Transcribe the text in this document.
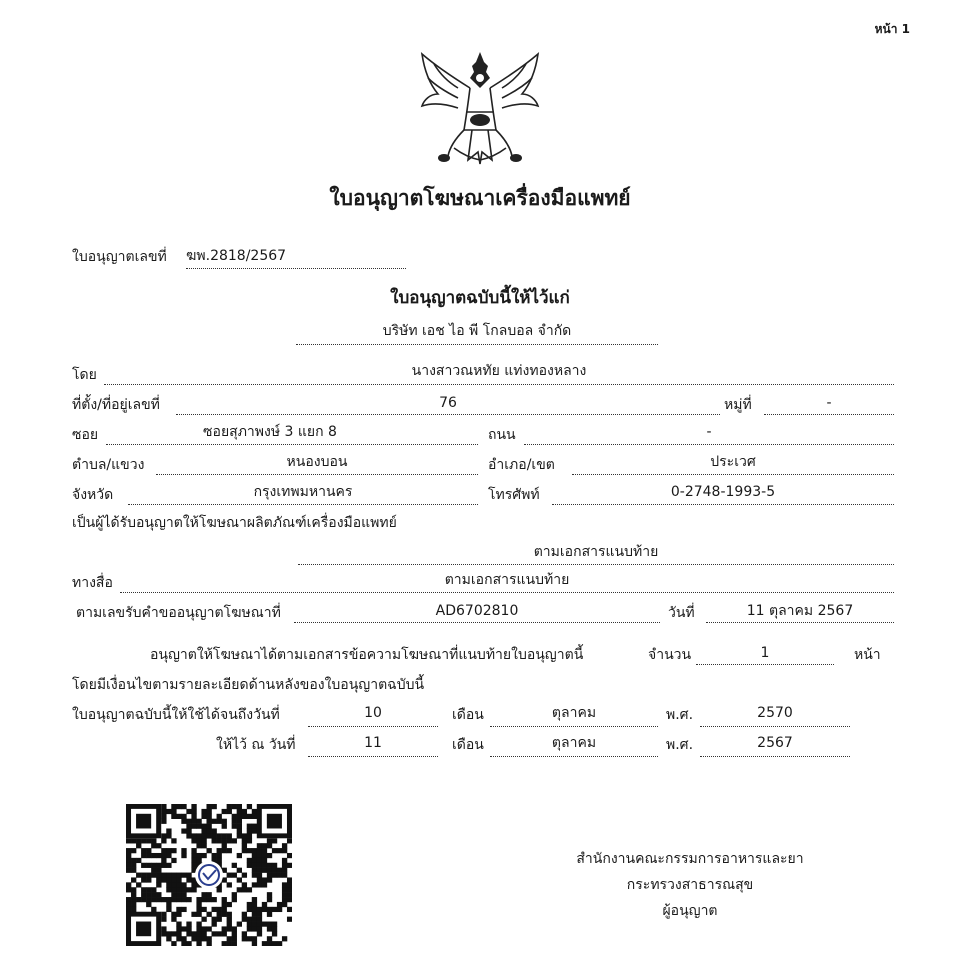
หน้า 1
ใบอนุญาตโฆษณาเครื่องมือแพทย์
ใบอนุญาตเลขที่ ฆพ.2818/2567
ใบอนุญาตฉบับนี้ให้ไว้แก่
บริษัท เอช ไอ พี โกลบอล จำกัด
โดย	นางสาวณหทัย แท่งทองหลาง
ที่ตั้ง/ที่อยู่เลขที่	76	หมู่ที่	-
ซอย	ซอยสุภาพงษ์ 3 แยก 8	ถนน	-
ตำบล/แขวง	หนองบอน	อำเภอ/เขต	ประเวศ
จังหวัด	กรุงเทพมหานคร	โทรศัพท์	0-2748-1993-5
เป็นผู้ได้รับอนุญาตให้โฆษณาผลิตภัณฑ์เครื่องมือแพทย์
ตามเอกสารแนบท้าย
ทางสื่อ	ตามเอกสารแนบท้าย
ตามเลขรับคำขออนุญาตโฆษณาที่	AD6702810	วันที่	11 ตุลาคม 2567
อนุญาตให้โฆษณาได้ตามเอกสารข้อความโฆษณาที่แนบท้ายใบอนุญาตนี้	จำนวน	1	หน้า
โดยมีเงื่อนไขตามรายละเอียดด้านหลังของใบอนุญาตฉบับนี้
ใบอนุญาตฉบับนี้ให้ใช้ได้จนถึงวันที่	10	เดือน	ตุลาคม	พ.ศ.	2570
ให้ไว้ ณ วันที่	11	เดือน	ตุลาคม	พ.ศ.	2567
สำนักงานคณะกรรมการอาหารและยา
กระทรวงสาธารณสุข
ผู้อนุญาต
